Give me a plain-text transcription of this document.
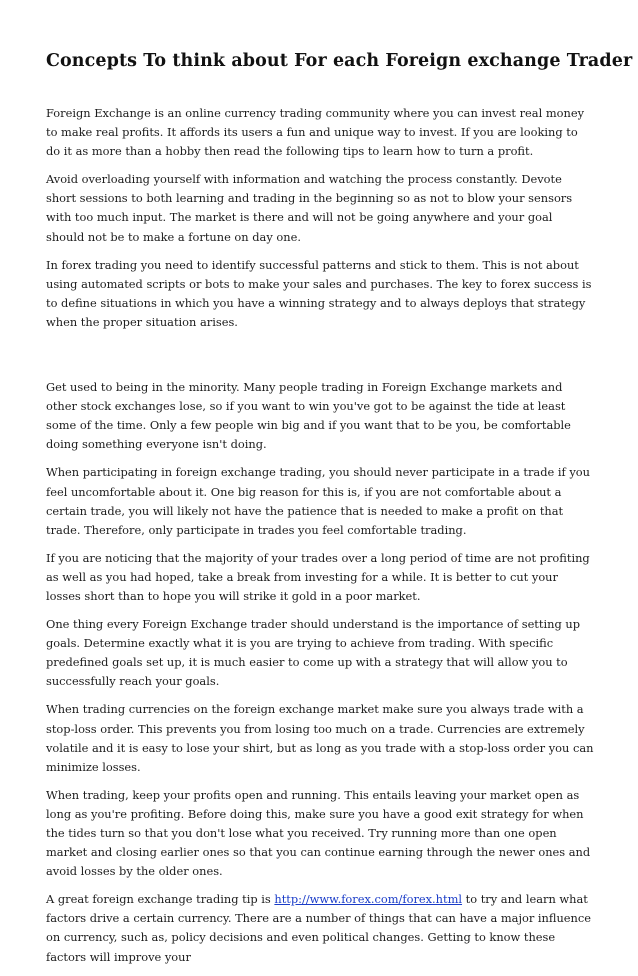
Concepts To think about For each Foreign exchange Trader

Foreign Exchange is an online currency trading community where you can invest real money to make real profits. It affords its users a fun and unique way to invest. If you are looking to do it as more than a hobby then read the following tips to learn how to turn a profit.

Avoid overloading yourself with information and watching the process constantly. Devote short sessions to both learning and trading in the beginning so as not to blow your sensors with too much input. The market is there and will not be going anywhere and your goal should not be to make a fortune on day one.

In forex trading you need to identify successful patterns and stick to them. This is not about using automated scripts or bots to make your sales and purchases. The key to forex success is to define situations in which you have a winning strategy and to always deploys that strategy when the proper situation arises.

Get used to being in the minority. Many people trading in Foreign Exchange markets and other stock exchanges lose, so if you want to win you've got to be against the tide at least some of the time. Only a few people win big and if you want that to be you, be comfortable doing something everyone isn't doing.

When participating in foreign exchange trading, you should never participate in a trade if you feel uncomfortable about it. One big reason for this is, if you are not comfortable about a certain trade, you will likely not have the patience that is needed to make a profit on that trade. Therefore, only participate in trades you feel comfortable trading.

If you are noticing that the majority of your trades over a long period of time are not profiting as well as you had hoped, take a break from investing for a while. It is better to cut your losses short than to hope you will strike it gold in a poor market.

One thing every Foreign Exchange trader should understand is the importance of setting up goals. Determine exactly what it is you are trying to achieve from trading. With specific predefined goals set up, it is much easier to come up with a strategy that will allow you to successfully reach your goals.

When trading currencies on the foreign exchange market make sure you always trade with a stop-loss order. This prevents you from losing too much on a trade. Currencies are extremely volatile and it is easy to lose your shirt, but as long as you trade with a stop-loss order you can minimize losses.

When trading, keep your profits open and running. This entails leaving your market open as long as you're profiting. Before doing this, make sure you have a good exit strategy for when the tides turn so that you don't lose what you received. Try running more than one open market and closing earlier ones so that you can continue earning through the newer ones and avoid losses by the older ones.

A great foreign exchange trading tip is http://www.forex.com/forex.html to try and learn what factors drive a certain currency. There are a number of things that can have a major influence on currency, such as, policy decisions and even political changes. Getting to know these factors will improve your
